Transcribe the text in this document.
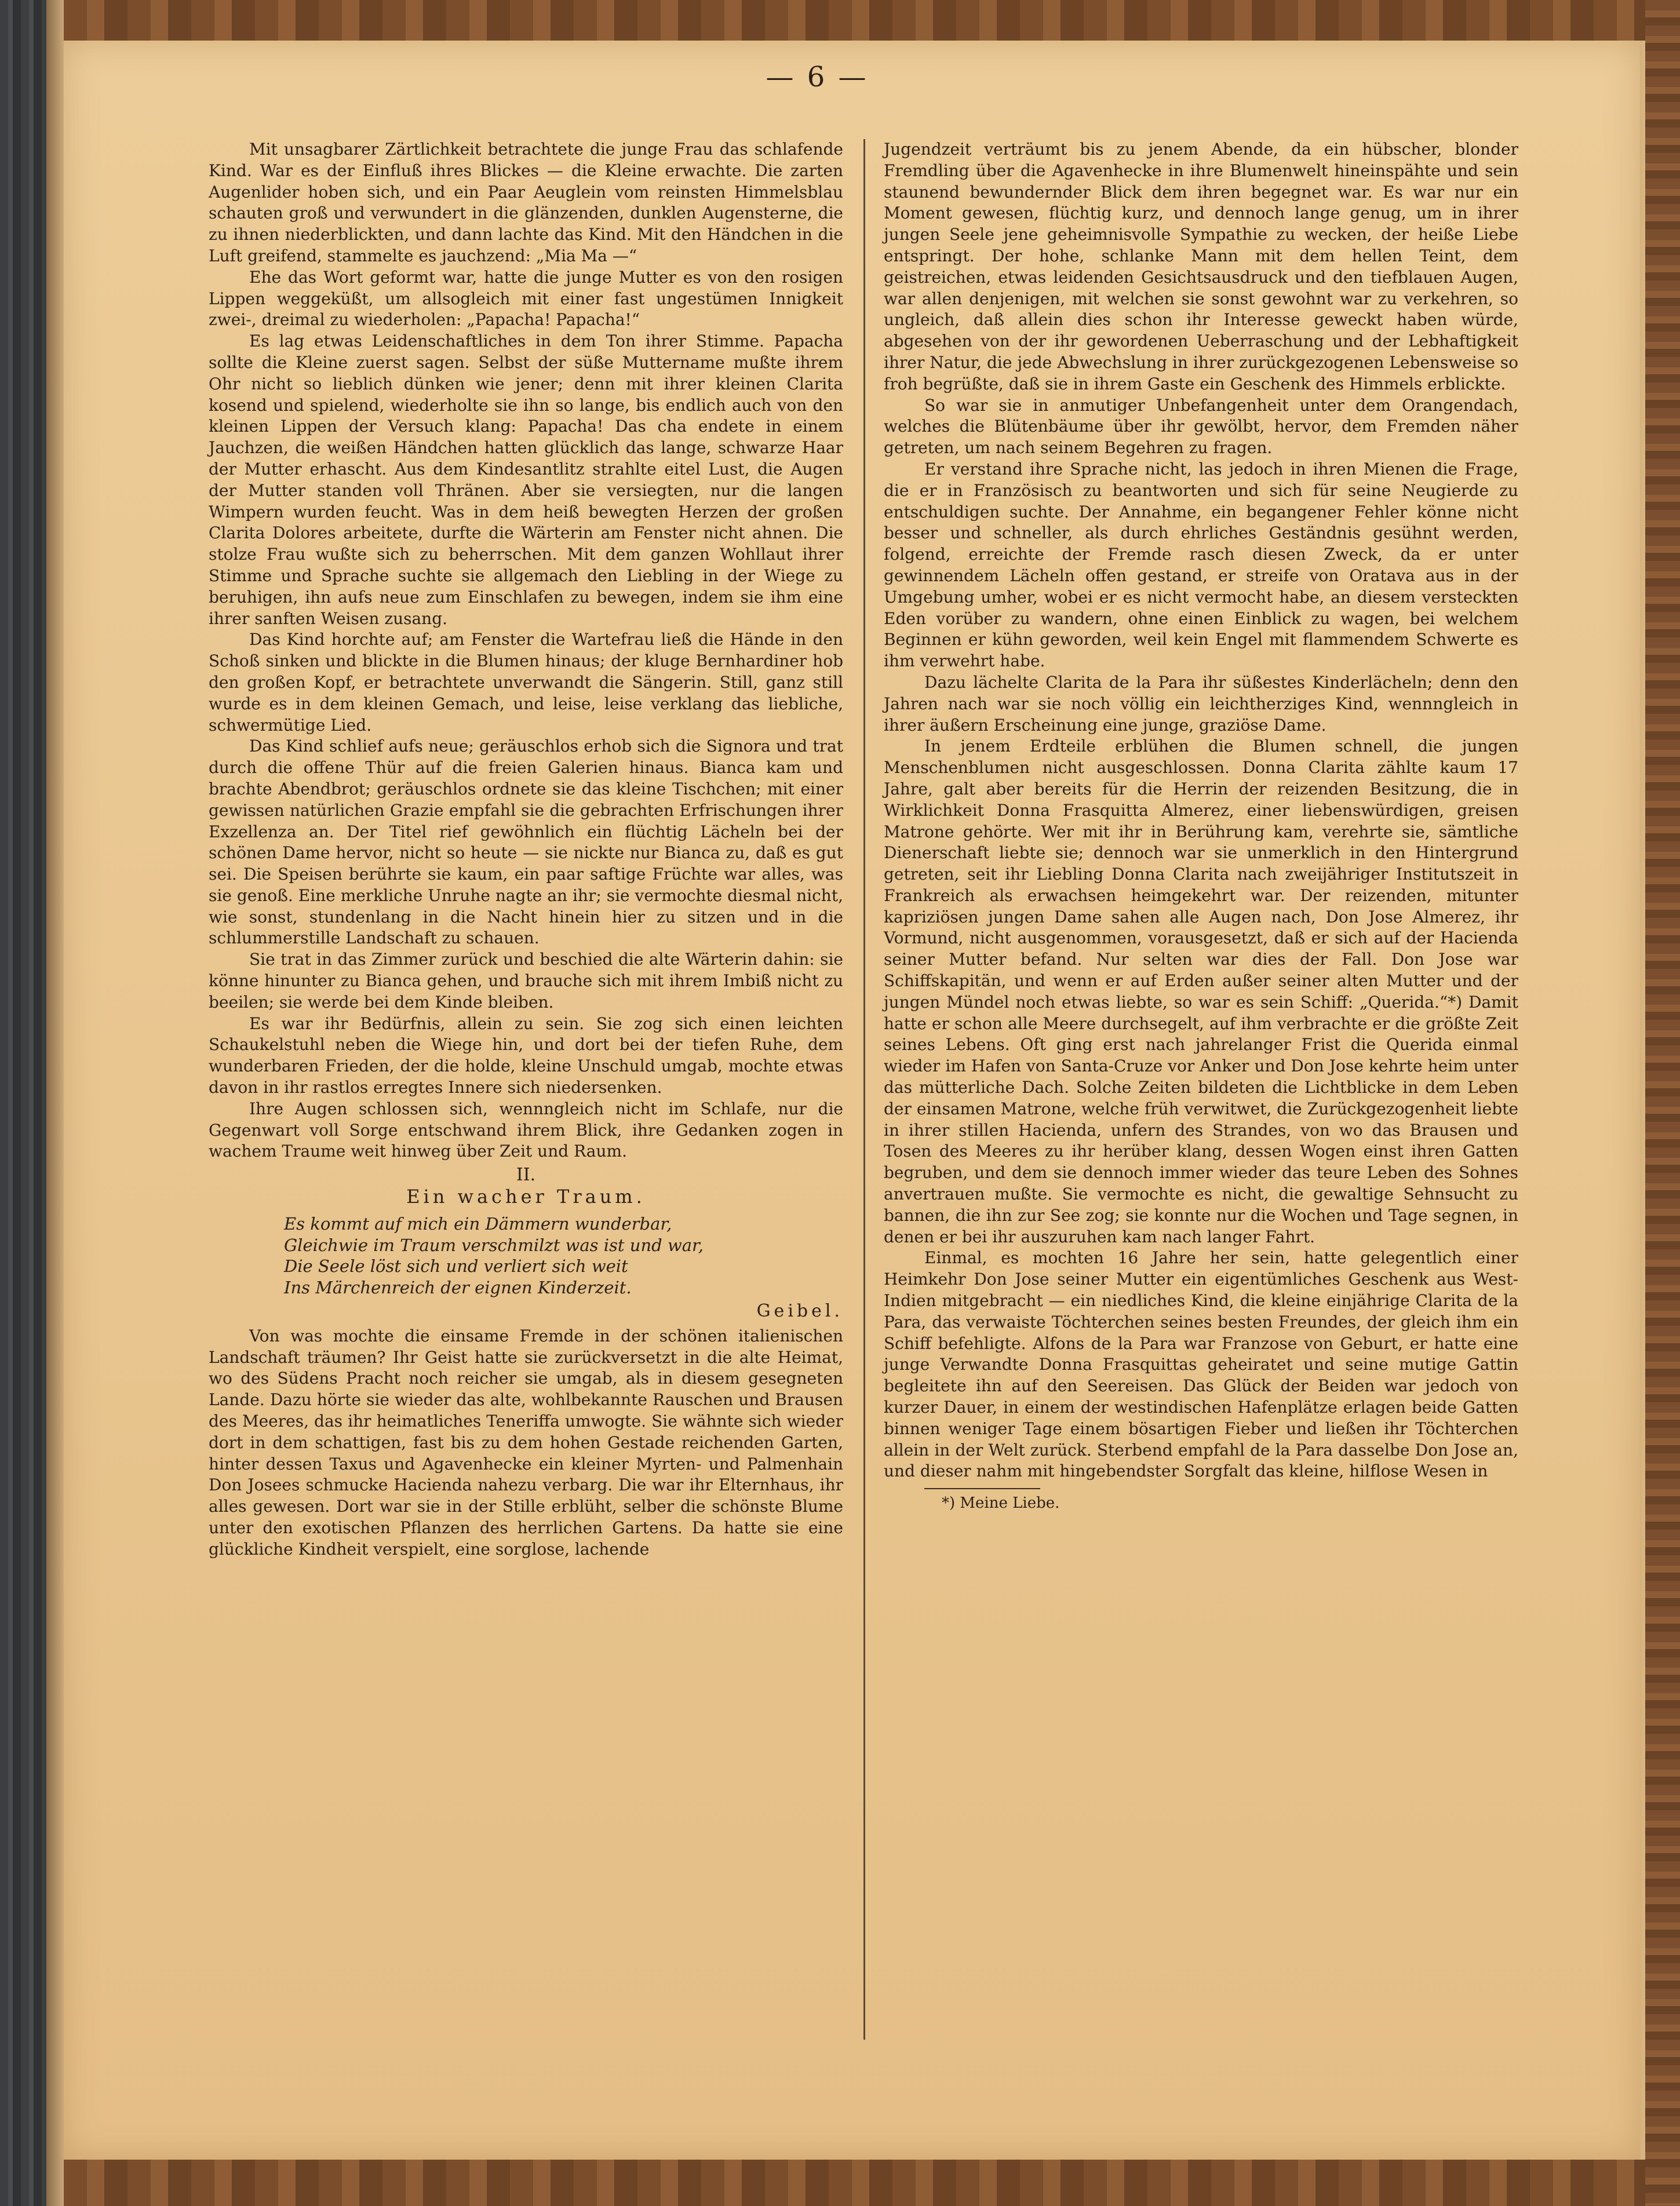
— 6 —

Mit unsagbarer Zärtlichkeit betrachtete die junge Frau das schlafende Kind. War es der Einfluß ihres Blickes — die Kleine erwachte. Die zarten Augenlider hoben sich, und ein Paar Aeuglein vom reinsten Himmelsblau schauten groß und verwundert in die glänzenden, dunklen Augensterne, die zu ihnen niederblickten, und dann lachte das Kind. Mit den Händchen in die Luft greifend, stammelte es jauchzend: „Mia Ma —“

Ehe das Wort geformt war, hatte die junge Mutter es von den rosigen Lippen weggeküßt, um allsogleich mit einer fast ungestümen Innigkeit zwei-, dreimal zu wiederholen: „Papacha! Papacha!“

Es lag etwas Leidenschaftliches in dem Ton ihrer Stimme. Papacha sollte die Kleine zuerst sagen. Selbst der süße Muttername mußte ihrem Ohr nicht so lieblich dünken wie jener; denn mit ihrer kleinen Clarita kosend und spielend, wiederholte sie ihn so lange, bis endlich auch von den kleinen Lippen der Versuch klang: Papacha! Das cha endete in einem Jauchzen, die weißen Händchen hatten glücklich das lange, schwarze Haar der Mutter erhascht. Aus dem Kindesantlitz strahlte eitel Lust, die Augen der Mutter standen voll Thränen. Aber sie versiegten, nur die langen Wimpern wurden feucht. Was in dem heiß bewegten Herzen der großen Clarita Dolores arbeitete, durfte die Wärterin am Fenster nicht ahnen. Die stolze Frau wußte sich zu beherrschen. Mit dem ganzen Wohllaut ihrer Stimme und Sprache suchte sie allgemach den Liebling in der Wiege zu beruhigen, ihn aufs neue zum Einschlafen zu bewegen, indem sie ihm eine ihrer sanften Weisen zusang.

Das Kind horchte auf; am Fenster die Wartefrau ließ die Hände in den Schoß sinken und blickte in die Blumen hinaus; der kluge Bernhardiner hob den großen Kopf, er betrachtete unverwandt die Sängerin. Still, ganz still wurde es in dem kleinen Gemach, und leise, leise verklang das liebliche, schwermütige Lied.

Das Kind schlief aufs neue; geräuschlos erhob sich die Signora und trat durch die offene Thür auf die freien Galerien hinaus. Bianca kam und brachte Abendbrot; geräuschlos ordnete sie das kleine Tischchen; mit einer gewissen natürlichen Grazie empfahl sie die gebrachten Erfrischungen ihrer Exzellenza an. Der Titel rief gewöhnlich ein flüchtig Lächeln bei der schönen Dame hervor, nicht so heute — sie nickte nur Bianca zu, daß es gut sei. Die Speisen berührte sie kaum, ein paar saftige Früchte war alles, was sie genoß. Eine merkliche Unruhe nagte an ihr; sie vermochte diesmal nicht, wie sonst, stundenlang in die Nacht hinein hier zu sitzen und in die schlummerstille Landschaft zu schauen.

Sie trat in das Zimmer zurück und beschied die alte Wärterin dahin: sie könne hinunter zu Bianca gehen, und brauche sich mit ihrem Imbiß nicht zu beeilen; sie werde bei dem Kinde bleiben.

Es war ihr Bedürfnis, allein zu sein. Sie zog sich einen leichten Schaukelstuhl neben die Wiege hin, und dort bei der tiefen Ruhe, dem wunderbaren Frieden, der die holde, kleine Unschuld umgab, mochte etwas davon in ihr rastlos erregtes Innere sich niedersenken.

Ihre Augen schlossen sich, wennngleich nicht im Schlafe, nur die Gegenwart voll Sorge entschwand ihrem Blick, ihre Gedanken zogen in wachem Traume weit hinweg über Zeit und Raum.

II.
Ein wacher Traum.
Es kommt auf mich ein Dämmern wunderbar,
Gleichwie im Traum verschmilzt was ist und war,
Die Seele löst sich und verliert sich weit
Ins Märchenreich der eignen Kinderzeit.
Geibel.

Von was mochte die einsame Fremde in der schönen italienischen Landschaft träumen? Ihr Geist hatte sie zurückversetzt in die alte Heimat, wo des Südens Pracht noch reicher sie umgab, als in diesem gesegneten Lande. Dazu hörte sie wieder das alte, wohlbekannte Rauschen und Brausen des Meeres, das ihr heimatliches Teneriffa umwogte. Sie wähnte sich wieder dort in dem schattigen, fast bis zu dem hohen Gestade reichenden Garten, hinter dessen Taxus und Agavenhecke ein kleiner Myrten- und Palmenhain Don Josees schmucke Hacienda nahezu verbarg. Die war ihr Elternhaus, ihr alles gewesen. Dort war sie in der Stille erblüht, selber die schönste Blume unter den exotischen Pflanzen des herrlichen Gartens. Da hatte sie eine glückliche Kindheit verspielt, eine sorglose, lachende

Jugendzeit verträumt bis zu jenem Abende, da ein hübscher, blonder Fremdling über die Agavenhecke in ihre Blumenwelt hineinspähte und sein staunend bewundernder Blick dem ihren begegnet war. Es war nur ein Moment gewesen, flüchtig kurz, und dennoch lange genug, um in ihrer jungen Seele jene geheimnisvolle Sympathie zu wecken, der heiße Liebe entspringt. Der hohe, schlanke Mann mit dem hellen Teint, dem geistreichen, etwas leidenden Gesichtsausdruck und den tiefblauen Augen, war allen denjenigen, mit welchen sie sonst gewohnt war zu verkehren, so ungleich, daß allein dies schon ihr Interesse geweckt haben würde, abgesehen von der ihr gewordenen Ueberraschung und der Lebhaftigkeit ihrer Natur, die jede Abwechslung in ihrer zurückgezogenen Lebensweise so froh begrüßte, daß sie in ihrem Gaste ein Geschenk des Himmels erblickte.

So war sie in anmutiger Unbefangenheit unter dem Orangendach, welches die Blütenbäume über ihr gewölbt, hervor, dem Fremden näher getreten, um nach seinem Begehren zu fragen.

Er verstand ihre Sprache nicht, las jedoch in ihren Mienen die Frage, die er in Französisch zu beantworten und sich für seine Neugierde zu entschuldigen suchte. Der Annahme, ein begangener Fehler könne nicht besser und schneller, als durch ehrliches Geständnis gesühnt werden, folgend, erreichte der Fremde rasch diesen Zweck, da er unter gewinnendem Lächeln offen gestand, er streife von Oratava aus in der Umgebung umher, wobei er es nicht vermocht habe, an diesem versteckten Eden vorüber zu wandern, ohne einen Einblick zu wagen, bei welchem Beginnen er kühn geworden, weil kein Engel mit flammendem Schwerte es ihm verwehrt habe.

Dazu lächelte Clarita de la Para ihr süßestes Kinderlächeln; denn den Jahren nach war sie noch völlig ein leichtherziges Kind, wennngleich in ihrer äußern Erscheinung eine junge, graziöse Dame.

In jenem Erdteile erblühen die Blumen schnell, die jungen Menschenblumen nicht ausgeschlossen. Donna Clarita zählte kaum 17 Jahre, galt aber bereits für die Herrin der reizenden Besitzung, die in Wirklichkeit Donna Frasquitta Almerez, einer liebenswürdigen, greisen Matrone gehörte. Wer mit ihr in Berührung kam, verehrte sie, sämtliche Dienerschaft liebte sie; dennoch war sie unmerklich in den Hintergrund getreten, seit ihr Liebling Donna Clarita nach zweijähriger Institutszeit in Frankreich als erwachsen heimgekehrt war. Der reizenden, mitunter kapriziösen jungen Dame sahen alle Augen nach, Don Jose Almerez, ihr Vormund, nicht ausgenommen, vorausgesetzt, daß er sich auf der Hacienda seiner Mutter befand. Nur selten war dies der Fall. Don Jose war Schiffskapitän, und wenn er auf Erden außer seiner alten Mutter und der jungen Mündel noch etwas liebte, so war es sein Schiff: „Querida.“*) Damit hatte er schon alle Meere durchsegelt, auf ihm verbrachte er die größte Zeit seines Lebens. Oft ging erst nach jahrelanger Frist die Querida einmal wieder im Hafen von Santa-Cruze vor Anker und Don Jose kehrte heim unter das mütterliche Dach. Solche Zeiten bildeten die Lichtblicke in dem Leben der einsamen Matrone, welche früh verwitwet, die Zurückgezogenheit liebte in ihrer stillen Hacienda, unfern des Strandes, von wo das Brausen und Tosen des Meeres zu ihr herüber klang, dessen Wogen einst ihren Gatten begruben, und dem sie dennoch immer wieder das teure Leben des Sohnes anvertrauen mußte. Sie vermochte es nicht, die gewaltige Sehnsucht zu bannen, die ihn zur See zog; sie konnte nur die Wochen und Tage segnen, in denen er bei ihr auszuruhen kam nach langer Fahrt.

Einmal, es mochten 16 Jahre her sein, hatte gelegentlich einer Heimkehr Don Jose seiner Mutter ein eigentümliches Geschenk aus West-Indien mitgebracht — ein niedliches Kind, die kleine einjährige Clarita de la Para, das verwaiste Töchterchen seines besten Freundes, der gleich ihm ein Schiff befehligte. Alfons de la Para war Franzose von Geburt, er hatte eine junge Verwandte Donna Frasquittas geheiratet und seine mutige Gattin begleitete ihn auf den Seereisen. Das Glück der Beiden war jedoch von kurzer Dauer, in einem der westindischen Hafenplätze erlagen beide Gatten binnen weniger Tage einem bösartigen Fieber und ließen ihr Töchterchen allein in der Welt zurück. Sterbend empfahl de la Para dasselbe Don Jose an, und dieser nahm mit hingebendster Sorgfalt das kleine, hilflose Wesen in

*) Meine Liebe.
